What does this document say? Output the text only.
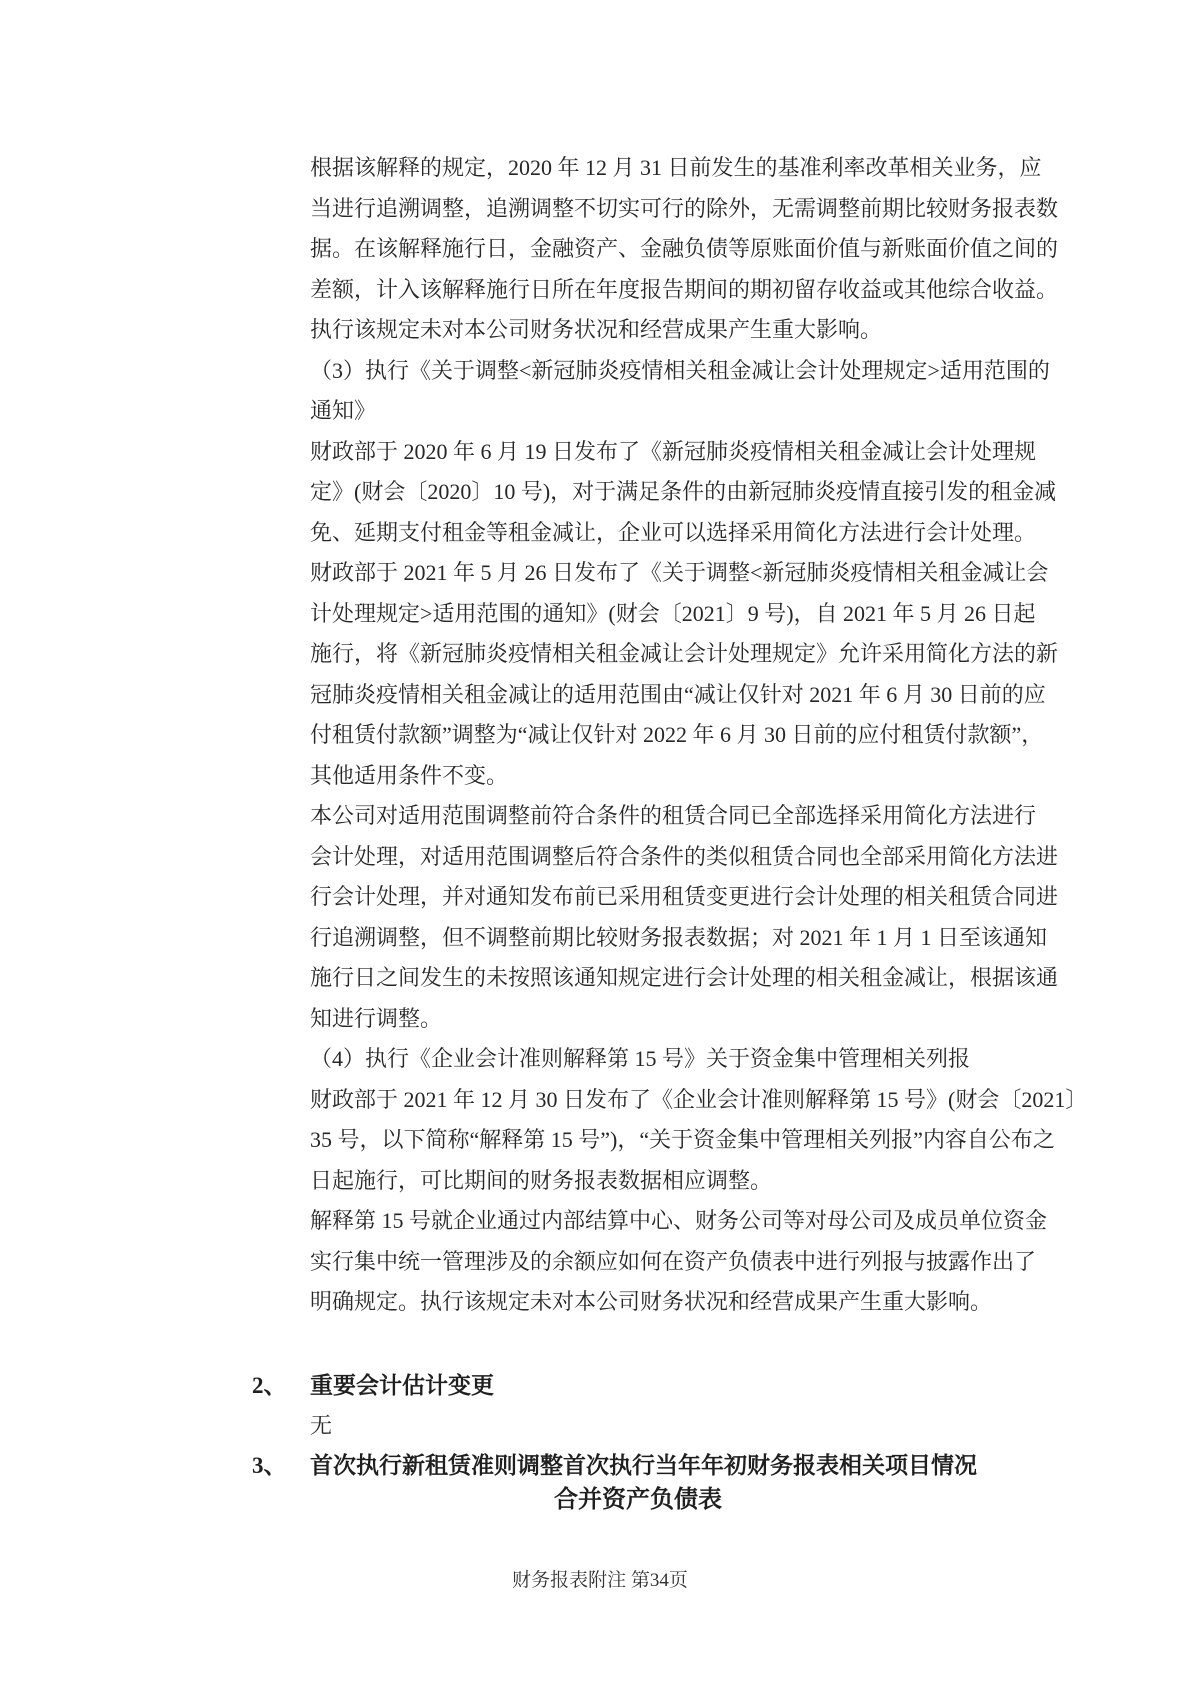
根据该解释的规定，2020 年 12 月 31 日前发生的基准利率改革相关业务，应
当进行追溯调整，追溯调整不切实可行的除外，无需调整前期比较财务报表数
据。在该解释施行日，金融资产、金融负债等原账面价值与新账面价值之间的
差额，计入该解释施行日所在年度报告期间的期初留存收益或其他综合收益。
执行该规定未对本公司财务状况和经营成果产生重大影响。
（3）执行《关于调整<新冠肺炎疫情相关租金减让会计处理规定>适用范围的
通知》
财政部于 2020 年 6 月 19 日发布了《新冠肺炎疫情相关租金减让会计处理规
定》(财会〔2020〕10 号)，对于满足条件的由新冠肺炎疫情直接引发的租金减
免、延期支付租金等租金减让，企业可以选择采用简化方法进行会计处理。
财政部于 2021 年 5 月 26 日发布了《关于调整<新冠肺炎疫情相关租金减让会
计处理规定>适用范围的通知》(财会〔2021〕9 号)，自 2021 年 5 月 26 日起
施行，将《新冠肺炎疫情相关租金减让会计处理规定》允许采用简化方法的新
冠肺炎疫情相关租金减让的适用范围由“减让仅针对 2021 年 6 月 30 日前的应
付租赁付款额”调整为“减让仅针对 2022 年 6 月 30 日前的应付租赁付款额”，
其他适用条件不变。
本公司对适用范围调整前符合条件的租赁合同已全部选择采用简化方法进行
会计处理，对适用范围调整后符合条件的类似租赁合同也全部采用简化方法进
行会计处理，并对通知发布前已采用租赁变更进行会计处理的相关租赁合同进
行追溯调整，但不调整前期比较财务报表数据；对 2021 年 1 月 1 日至该通知
施行日之间发生的未按照该通知规定进行会计处理的相关租金减让，根据该通
知进行调整。
（4）执行《企业会计准则解释第 15 号》关于资金集中管理相关列报
财政部于 2021 年 12 月 30 日发布了《企业会计准则解释第 15 号》(财会〔2021〕
35 号，以下简称“解释第 15 号”)，“关于资金集中管理相关列报”内容自公布之
日起施行，可比期间的财务报表数据相应调整。
解释第 15 号就企业通过内部结算中心、财务公司等对母公司及成员单位资金
实行集中统一管理涉及的余额应如何在资产负债表中进行列报与披露作出了
明确规定。执行该规定未对本公司财务状况和经营成果产生重大影响。
2、 重要会计估计变更
无
3、 首次执行新租赁准则调整首次执行当年年初财务报表相关项目情况
合并资产负债表
财务报表附注 第34页
